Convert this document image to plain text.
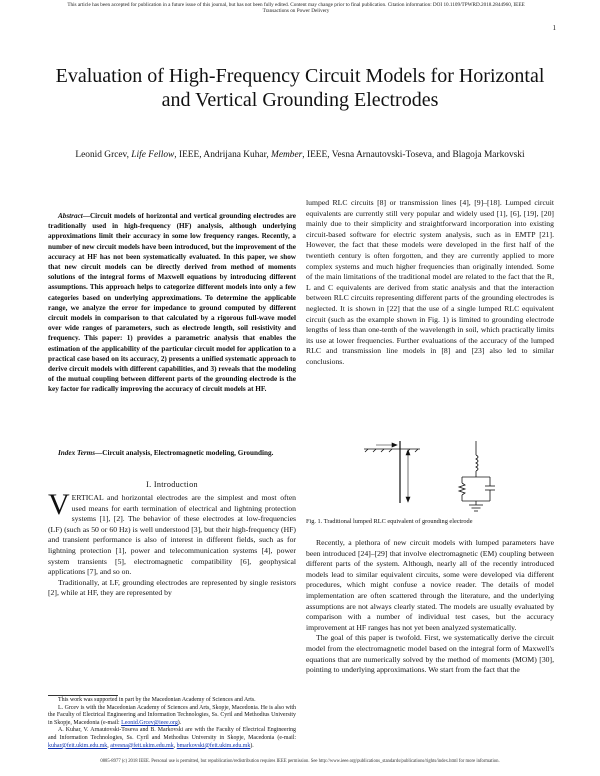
This article has been accepted for publication in a future issue of this journal, but has not been fully edited. Content may change prior to final publication. Citation information: DOI 10.1109/TPWRD.2018.2844960, IEEE
Transactions on Power Delivery
1
Evaluation of High-Frequency Circuit Models for Horizontal and Vertical Grounding Electrodes
Leonid Grcev, Life Fellow, IEEE, Andrijana Kuhar, Member, IEEE, Vesna Arnautovski-Toseva, and Blagoja Markovski

Abstract—Circuit models of horizontal and vertical grounding electrodes are traditionally used in high-frequency (HF) analysis, although underlying approximations limit their accuracy in some low frequency ranges. Recently, a number of new circuit models have been introduced, but the improvement of the accuracy at HF has not been systematically evaluated. In this paper, we show that new circuit models can be directly derived from method of moments solutions of the integral forms of Maxwell equations by introducing different assumptions. This approach helps to categorize different models into only a few categories based on underlying approximations. To determine the applicable range, we analyze the error for impedance to ground computed by different circuit models in comparison to that calculated by a rigorous full-wave model over wide ranges of parameters, such as electrode length, soil resistivity and frequency. This paper: 1) provides a parametric analysis that enables the estimation of the applicability of the particular circuit model for application to a practical case based on its accuracy, 2) presents a unified systematic approach to derive circuit models with different capabilities, and 3) reveals that the modeling of the mutual coupling between different parts of the grounding electrode is the key factor for radically improving the accuracy of circuit models at HF.

Index Terms—Circuit analysis, Electromagnetic modeling, Grounding.

I. Introduction

VERTICAL and horizontal electrodes are the simplest and most often used means for earth termination of electrical and lightning protection systems [1], [2]. The behavior of these electrodes at low-frequencies (LF) (such as 50 or 60 Hz) is well understood [3], but their high-frequency (HF) and transient performance is also of interest in different fields, such as for lightning protection [1], power and telecommunication systems [4], power system transients [5], electromagnetic compatibility [6], geophysical applications [7], and so on.

Traditionally, at LF, grounding electrodes are represented by single resistors [2], while at HF, they are represented by

This work was supported in part by the Macedonian Academy of Sciences and Arts.

L. Grcev is with the Macedonian Academy of Sciences and Arts, Skopje, Macedonia. He is also with the Faculty of Electrical Engineering and Information Technologies, Ss. Cyril and Methodius University in Skopje, Macedonia (e-mail: Leonid.Grcev@ieee.org).

A. Kuhar, V. Arnautovski-Toseva and B. Markovski are with the Faculty of Electrical Engineering and Information Technologies, Ss. Cyril and Methodius University in Skopje, Macedonia (e-mail: kuhar@feit.ukim.edu.mk, atvesna@feit.ukim.edu.mk, bmarkovski@feit.ukim.edu.mk).

lumped RLC circuits [8] or transmission lines [4], [9]–[18]. Lumped circuit equivalents are currently still very popular and widely used [1], [6], [19], [20] mainly due to their simplicity and straightforward incorporation into existing circuit-based software for electric system analysis, such as in EMTP [21]. However, the fact that these models were developed in the first half of the twentieth century is often forgotten, and they are currently applied to more complex systems and much higher frequencies than originally intended. Some of the main limitations of the traditional model are related to the fact that the R, L and C equivalents are derived from static analysis and that the interaction between RLC circuits representing different parts of the grounding electrodes is neglected. It is shown in [22] that the use of a single lumped RLC equivalent circuit (such as the example shown in Fig. 1) is limited to grounding electrode lengths of less than one-tenth of the wavelength in soil, which practically limits its use at lower frequencies. Further evaluations of the accuracy of the lumped RLC and transmission line models in [8] and [23] also led to similar conclusions.

Fig. 1. Traditional lumped RLC equivalent of grounding electrode

Recently, a plethora of new circuit models with lumped parameters have been introduced [24]–[29] that involve electromagnetic (EM) coupling between different parts of the system. Although, nearly all of the recently introduced models lead to similar equivalent circuits, some were developed via different procedures, which might confuse a novice reader. The details of model implementation are often scattered through the literature, and the underlying assumptions are not always clearly stated. The models are usually evaluated by comparison with a number of individual test cases, but the accuracy improvement at HF ranges has not yet been analyzed systematically.

The goal of this paper is twofold. First, we systematically derive the circuit model from the electromagnetic model based on the integral form of Maxwell's equations that are numerically solved by the method of moments (MOM) [30], pointing to underlying approximations. We start from the fact that the

0885-8977 (c) 2018 IEEE. Personal use is permitted, but republication/redistribution requires IEEE permission. See http://www.ieee.org/publications_standards/publications/rights/index.html for more information.
